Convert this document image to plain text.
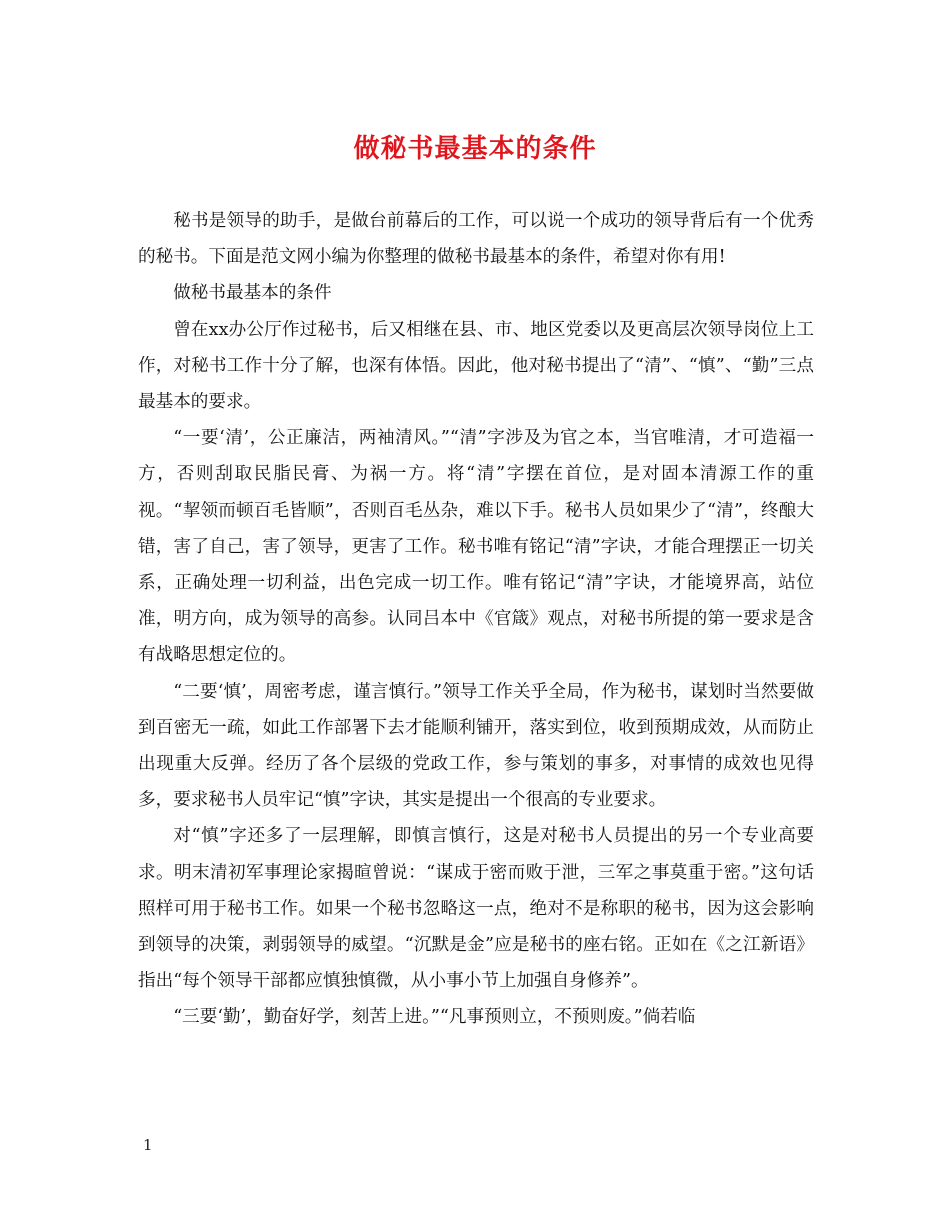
做秘书最基本的条件

秘书是领导的助手，是做台前幕后的工作，可以说一个成功的领导背后有一个优秀的秘书。下面是范文网小编为你整理的做秘书最基本的条件，希望对你有用!

做秘书最基本的条件

曾在xx办公厅作过秘书，后又相继在县、市、地区党委以及更高层次领导岗位上工作，对秘书工作十分了解，也深有体悟。因此，他对秘书提出了“清”、“慎”、“勤”三点最基本的要求。

“一要‘清’，公正廉洁，两袖清风。”“清”字涉及为官之本，当官唯清，才可造福一方，否则刮取民脂民膏、为祸一方。将“清”字摆在首位，是对固本清源工作的重视。“挈领而顿百毛皆顺”，否则百毛丛杂，难以下手。秘书人员如果少了“清”，终酿大错，害了自己，害了领导，更害了工作。秘书唯有铭记“清”字诀，才能合理摆正一切关系，正确处理一切利益，出色完成一切工作。唯有铭记“清”字诀，才能境界高，站位准，明方向，成为领导的高参。认同吕本中《官箴》观点，对秘书所提的第一要求是含有战略思想定位的。

“二要‘慎’，周密考虑，谨言慎行。”领导工作关乎全局，作为秘书，谋划时当然要做到百密无一疏，如此工作部署下去才能顺利铺开，落实到位，收到预期成效，从而防止出现重大反弹。经历了各个层级的党政工作，参与策划的事多，对事情的成效也见得多，要求秘书人员牢记“慎”字诀，其实是提出一个很高的专业要求。

对“慎”字还多了一层理解，即慎言慎行，这是对秘书人员提出的另一个专业高要求。明末清初军事理论家揭暄曾说：“谋成于密而败于泄，三军之事莫重于密。”这句话照样可用于秘书工作。如果一个秘书忽略这一点，绝对不是称职的秘书，因为这会影响到领导的决策，剥弱领导的威望。“沉默是金”应是秘书的座右铭。正如在《之江新语》指出“每个领导干部都应慎独慎微，从小事小节上加强自身修养”。

“三要‘勤’，勤奋好学，刻苦上进。”“凡事预则立，不预则废。”倘若临

1
